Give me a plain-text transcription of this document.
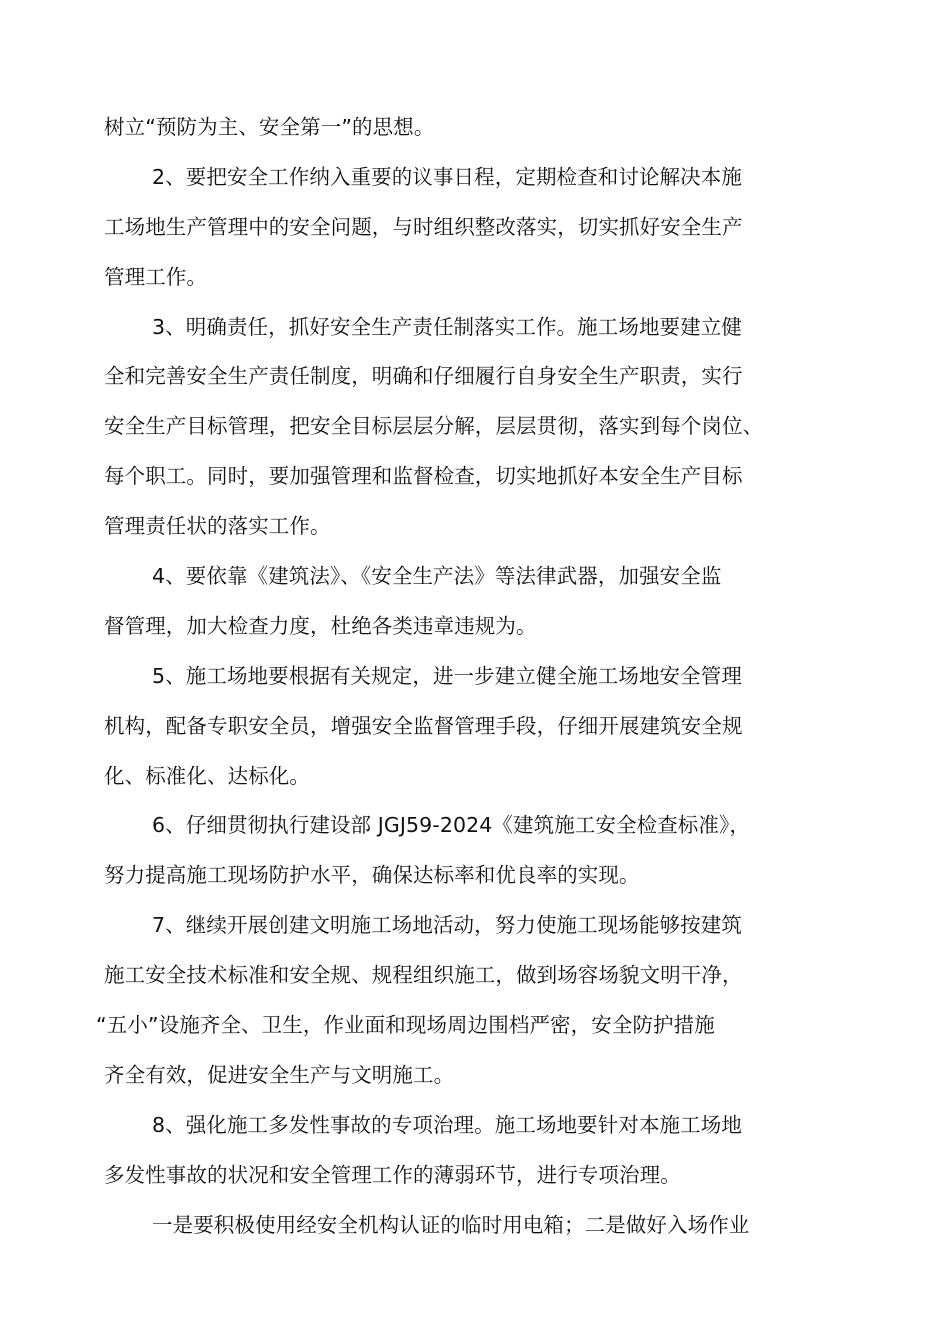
树立“预防为主、安全第一”的思想。
2、要把安全工作纳入重要的议事日程，定期检查和讨论解决本施
工场地生产管理中的安全问题，与时组织整改落实，切实抓好安全生产
管理工作。
3、明确责任，抓好安全生产责任制落实工作。施工场地要建立健
全和完善安全生产责任制度，明确和仔细履行自身安全生产职责，实行
安全生产目标管理，把安全目标层层分解，层层贯彻，落实到每个岗位、
每个职工。同时，要加强管理和监督检查，切实地抓好本安全生产目标
管理责任状的落实工作。
4、要依靠《建筑法》、《安全生产法》等法律武器，加强安全监
督管理，加大检查力度，杜绝各类违章违规为。
5、施工场地要根据有关规定，进一步建立健全施工场地安全管理
机构，配备专职安全员，增强安全监督管理手段，仔细开展建筑安全规
化、标准化、达标化。
6、仔细贯彻执行建设部 JGJ59-2024《建筑施工安全检查标准》，
努力提高施工现场防护水平，确保达标率和优良率的实现。
7、继续开展创建文明施工场地活动，努力使施工现场能够按建筑
施工安全技术标准和安全规、规程组织施工，做到场容场貌文明干净，
“五小”设施齐全、卫生，作业面和现场周边围档严密，安全防护措施
齐全有效，促进安全生产与文明施工。
8、强化施工多发性事故的专项治理。施工场地要针对本施工场地
多发性事故的状况和安全管理工作的薄弱环节，进行专项治理。
一是要积极使用经安全机构认证的临时用电箱；二是做好入场作业
